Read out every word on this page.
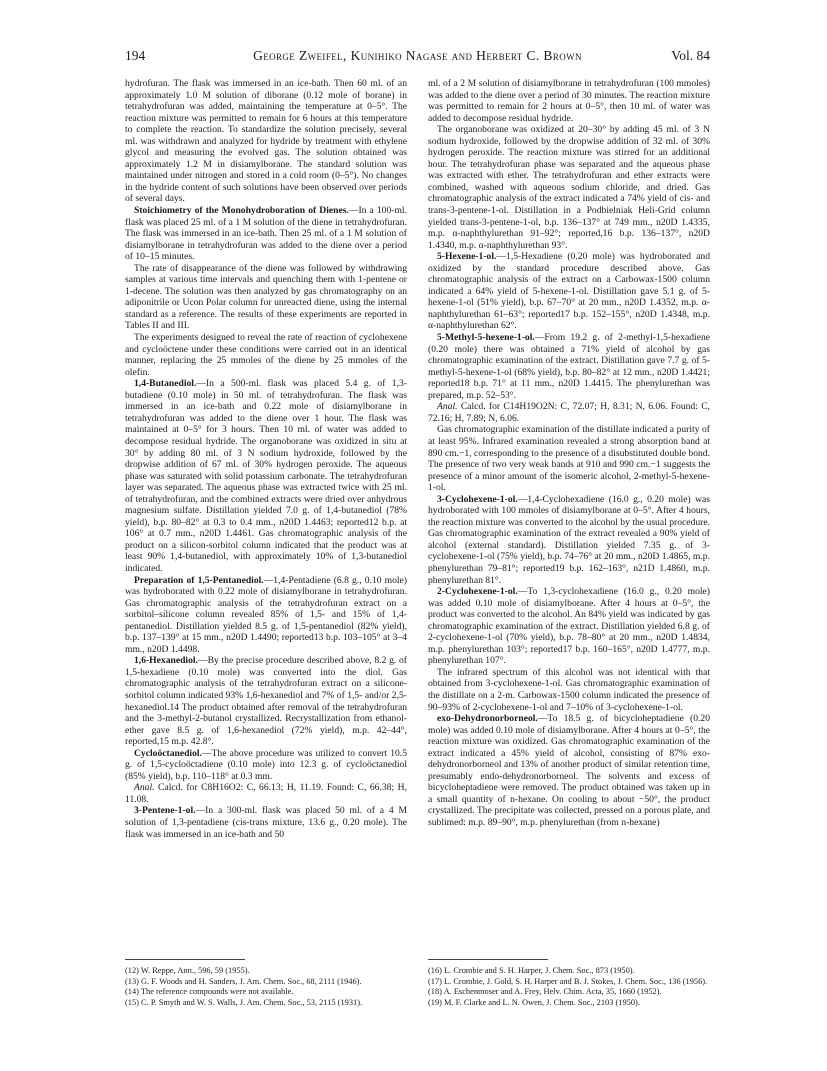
194	George Zweifel, Kunihiko Nagase and Herbert C. Brown	Vol. 84

hydrofuran. The flask was immersed in an ice-bath. Then 60 ml. of an approximately 1.0 M solution of diborane (0.12 mole of borane) in tetrahydrofuran was added, maintaining the temperature at 0–5°. The reaction mixture was permitted to remain for 6 hours at this temperature to complete the reaction. To standardize the solution precisely, several ml. was withdrawn and analyzed for hydride by treatment with ethylene glycol and measuring the evolved gas. The solution obtained was approximately 1.2 M in disiamylborane. The standard solution was maintained under nitrogen and stored in a cold room (0–5°). No changes in the hydride content of such solutions have been observed over periods of several days.

Stoichiometry of the Monohydroboration of Dienes.—In a 100-ml. flask was placed 25 ml. of a 1 M solution of the diene in tetrahydrofuran. The flask was immersed in an ice-bath. Then 25 ml. of a 1 M solution of disiamylborane in tetrahydrofuran was added to the diene over a period of 10–15 minutes.

The rate of disappearance of the diene was followed by withdrawing samples at various time intervals and quenching them with 1-pentene or 1-decene. The solution was then analyzed by gas chromatography on an adiponitrile or Ucon Polar column for unreacted diene, using the internal standard as a reference. The results of these experiments are reported in Tables II and III.

The experiments designed to reveal the rate of reaction of cyclohexene and cycloöctene under these conditions were carried out in an identical manner, replacing the 25 mmoles of the diene by 25 mmoles of the olefin.

1,4-Butanediol.—In a 500-ml. flask was placed 5.4 g. of 1,3-butadiene (0.10 mole) in 50 ml. of tetrahydrofuran. The flask was immersed in an ice-bath and 0.22 mole of disiamylborane in tetrahydrofuran was added to the diene over 1 hour. The flask was maintained at 0–5° for 3 hours. Then 10 ml. of water was added to decompose residual hydride. The organoborane was oxidized in situ at 30° by adding 80 ml. of 3 N sodium hydroxide, followed by the dropwise addition of 67 ml. of 30% hydrogen peroxide. The aqueous phase was saturated with solid potassium carbonate. The tetrahydrofuran layer was separated. The aqueous phase was extracted twice with 25 ml. of tetrahydrofuran, and the combined extracts were dried over anhydrous magnesium sulfate. Distillation yielded 7.0 g. of 1,4-butanediol (78% yield), b.p. 80–82° at 0.3 to 0.4 mm., n20D 1.4463; reported12 b.p. at 106° at 0.7 mm., n20D 1.4461. Gas chromatographic analysis of the product on a silicon-sorbitol column indicated that the product was at least 90% 1,4-butanediol, with approximately 10% of 1,3-butanediol indicated.

Preparation of 1,5-Pentanediol.—1,4-Pentadiene (6.8 g., 0.10 mole) was hydroborated with 0.22 mole of disiamylborane in tetrahydrofuran. Gas chromatographic analysis of the tetrahydrofuran extract on a sorbitol–silicone column revealed 85% of 1,5- and 15% of 1,4-pentanediol. Distillation yielded 8.5 g. of 1,5-pentanediol (82% yield), b.p. 137–139° at 15 mm., n20D 1.4490; reported13 b.p. 103–105° at 3–4 mm., n20D 1.4498.

1,6-Hexanediol.—By the precise procedure described above, 8.2 g. of 1,5-hexadiene (0.10 mole) was converted into the diol. Gas chromatographic analysis of the tetrahydrofuran extract on a silicone-sorbitol column indicated 93% 1,6-hexanediol and 7% of 1,5- and/or 2,5-hexanediol.14 The product obtained after removal of the tetrahydrofuran and the 3-methyl-2-butanol crystallized. Recrystallization from ethanol-ether gave 8.5 g. of 1,6-hexanediol (72% yield), m.p. 42–44°, reported,15 m.p. 42.8°.

Cycloöctanediol.—The above procedure was utilized to convert 10.5 g. of 1,5-cycloöctadiene (0.10 mole) into 12.3 g. of cycloöctanediol (85% yield), b.p. 110–118° at 0.3 mm.

Anal. Calcd. for C8H16O2: C, 66.13; H, 11.19. Found: C, 66.38; H, 11.08.

3-Pentene-1-ol.—In a 300-ml. flask was placed 50 ml. of a 4 M solution of 1,3-pentadiene (cis-trans mixture, 13.6 g., 0.20 mole). The flask was immersed in an ice-bath and 50

ml. of a 2 M solution of disiamylborane in tetrahydrofuran (100 mmoles) was added to the diene over a period of 30 minutes. The reaction mixture was permitted to remain for 2 hours at 0–5°, then 10 ml. of water was added to decompose residual hydride.

The organoborane was oxidized at 20–30° by adding 45 ml. of 3 N sodium hydroxide, followed by the dropwise addition of 32 ml. of 30% hydrogen peroxide. The reaction mixture was stirred for an additional hour. The tetrahydrofuran phase was separated and the aqueous phase was extracted with ether. The tetrahydrofuran and ether extracts were combined, washed with aqueous sodium chloride, and dried. Gas chromatographic analysis of the extract indicated a 74% yield of cis- and trans-3-pentene-1-ol. Distillation in a Podbielniak Heli-Grid column yielded trans-3-pentene-1-ol, b.p. 136–137° at 749 mm., n20D 1.4335, m.p. α-naphthylurethan 91–92°; reported,16 b.p. 136–137°, n20D 1.4340, m.p. α-naphthylurethan 93°.

5-Hexene-1-ol.—1,5-Hexadiene (0.20 mole) was hydroborated and oxidized by the standard procedure described above. Gas chromatographic analysis of the extract on a Carbowax-1500 column indicated a 64% yield of 5-hexene-1-ol. Distillation gave 5.1 g. of 5-hexene-1-ol (51% yield), b.p. 67–70° at 20 mm., n20D 1.4352, m.p. α-naphthylurethan 61–63°; reported17 b.p. 152–155°, n20D 1.4348, m.p. α-naphthylurethan 62°.

5-Methyl-5-hexene-1-ol.—From 19.2 g. of 2-methyl-1,5-hexadiene (0.20 mole) there was obtained a 71% yield of alcohol by gas chromatographic examination of the extract. Distillation gave 7.7 g. of 5-methyl-5-hexene-1-ol (68% yield), b.p. 80–82° at 12 mm., n20D 1.4421; reported18 b.p. 71° at 11 mm., n20D 1.4415. The phenylurethan was prepared, m.p. 52–53°.

Anal. Calcd. for C14H19O2N: C, 72.07; H, 8.31; N, 6.06. Found: C, 72.16; H, 7.89; N, 6.06.

Gas chromatographic examination of the distillate indicated a purity of at least 95%. Infrared examination revealed a strong absorption band at 890 cm.−1, corresponding to the presence of a disubstituted double bond. The presence of two very weak bands at 910 and 990 cm.−1 suggests the presence of a minor amount of the isomeric alcohol, 2-methyl-5-hexene-1-ol.

3-Cyclohexene-1-ol.—1,4-Cyclohexadiene (16.0 g., 0.20 mole) was hydroborated with 100 mmoles of disiamylborane at 0–5°. After 4 hours, the reaction mixture was converted to the alcohol by the usual procedure. Gas chromatographic examination of the extract revealed a 90% yield of alcohol (external standard). Distillation yielded 7.35 g. of 3-cyclohexene-1-ol (75% yield), b.p. 74–76° at 20 mm., n20D 1.4865, m.p. phenylurethan 79–81°; reported19 b.p. 162–163°, n21D 1.4860, m.p. phenylurethan 81°.

2-Cyclohexene-1-ol.—To 1,3-cyclohexadiene (16.0 g., 0.20 mole) was added 0.10 mole of disiamylborane. After 4 hours at 0–5°, the product was converted to the alcohol. An 84% yield was indicated by gas chromatographic examination of the extract. Distillation yielded 6.8 g. of 2-cyclohexene-1-ol (70% yield), b.p. 78–80° at 20 mm., n20D 1.4834, m.p. phenylurethan 103°; reported17 b.p. 160–165°, n20D 1.4777, m.p. phenylurethan 107°.

The infrared spectrum of this alcohol was not identical with that obtained from 3-cyclohexene-1-ol. Gas chromatographic examination of the distillate on a 2-m. Carbowax-1500 column indicated the presence of 90–93% of 2-cyclohexene-1-ol and 7–10% of 3-cyclohexene-1-ol.

exo-Dehydronorborneol.—To 18.5 g. of bicycloheptadiene (0.20 mole) was added 0.10 mole of disiamylborane. After 4 hours at 0–5°, the reaction mixture was oxidized. Gas chromatographic examination of the extract indicated a 45% yield of alcohol, consisting of 87% exo-dehydronorborneol and 13% of another product of similar retention time, presumably endo-dehydronorborneol. The solvents and excess of bicycloheptadiene were removed. The product obtained was taken up in a small quantity of n-hexane. On cooling to about −50°, the product crystallized. The precipitate was collected, pressed on a porous plate, and sublimed: m.p. 89–90°, m.p. phenylurethan (from n-hexane)

(12) W. Reppe, Ann., 596, 59 (1955).
(13) G. F. Woods and H. Sanders, J. Am. Chem. Soc., 68, 2111 (1946).
(14) The reference compounds were not available.
(15) C. P. Smyth and W. S. Walls, J. Am. Chem. Soc., 53, 2115 (1931).
(16) L. Crombie and S. H. Harper, J. Chem. Soc., 873 (1950).
(17) L. Crombie, J. Gold, S. H. Harper and B. J. Stokes, J. Chem. Soc., 136 (1956).
(18) A. Eschenmoser and A. Frey, Helv. Chim. Acta, 35, 1660 (1952).
(19) M. F. Clarke and L. N. Owen, J. Chem. Soc., 2103 (1950).
